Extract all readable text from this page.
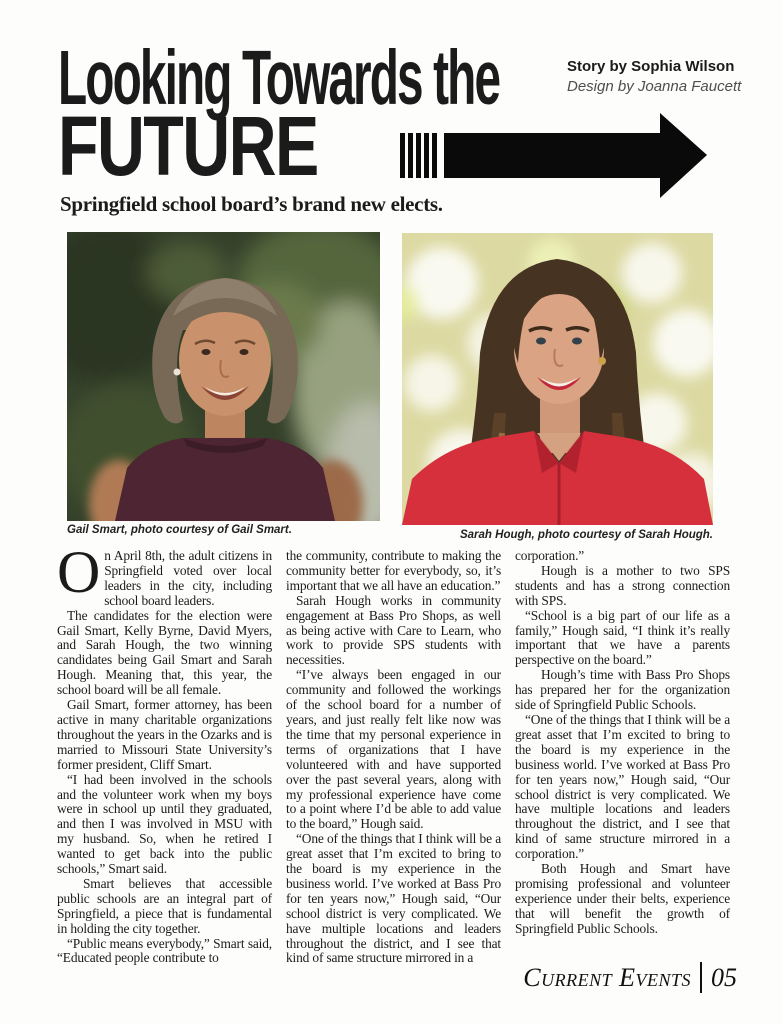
Looking Towards the	Story by Sophia Wilson
Design by Joanna Faucett
FUTURE

Springfield school board’s brand new elects.

Gail Smart, photo courtesy of Gail Smart.	Sarah Hough, photo courtesy of Sarah Hough.

On April 8th, the adult citizens in Springfield voted over local leaders in the city, including school board leaders.

The candidates for the election were Gail Smart, Kelly Byrne, David Myers, and Sarah Hough, the two winning candidates being Gail Smart and Sarah Hough. Meaning that, this year, the school board will be all female.

Gail Smart, former attorney, has been active in many charitable organizations throughout the years in the Ozarks and is married to Missouri State University’s former president, Cliff Smart.

“I had been involved in the schools and the volunteer work when my boys were in school up until they graduated, and then I was involved in MSU with my husband. So, when he retired I wanted to get back into the public schools,” Smart said.

Smart believes that accessible public schools are an integral part of Springfield, a piece that is fundamental in holding the city together.

“Public means everybody,” Smart said, “Educated people contribute to

the community, contribute to making the community better for everybody, so, it’s important that we all have an education.”

Sarah Hough works in community engagement at Bass Pro Shops, as well as being active with Care to Learn, who work to provide SPS students with necessities.

“I’ve always been engaged in our community and followed the workings of the school board for a number of years, and just really felt like now was the time that my personal experience in terms of organizations that I have volunteered with and have supported over the past several years, along with my professional experience have come to a point where I’d be able to add value to the board,” Hough said.

“One of the things that I think will be a great asset that I’m excited to bring to the board is my experience in the business world. I’ve worked at Bass Pro for ten years now,” Hough said, “Our school district is very complicated. We have multiple locations and leaders throughout the district, and I see that kind of same structure mirrored in a

corporation.”

Hough is a mother to two SPS students and has a strong connection with SPS.

“School is a big part of our life as a family,” Hough said, “I think it’s really important that we have a parents perspective on the board.”

Hough’s time with Bass Pro Shops has prepared her for the organization side of Springfield Public Schools.

“One of the things that I think will be a great asset that I’m excited to bring to the board is my experience in the business world. I’ve worked at Bass Pro for ten years now,” Hough said, “Our school district is very complicated. We have multiple locations and leaders throughout the district, and I see that kind of same structure mirrored in a corporation.”

Both Hough and Smart have promising professional and volunteer experience under their belts, experience that will benefit the growth of Springfield Public Schools.

Current Events 05
